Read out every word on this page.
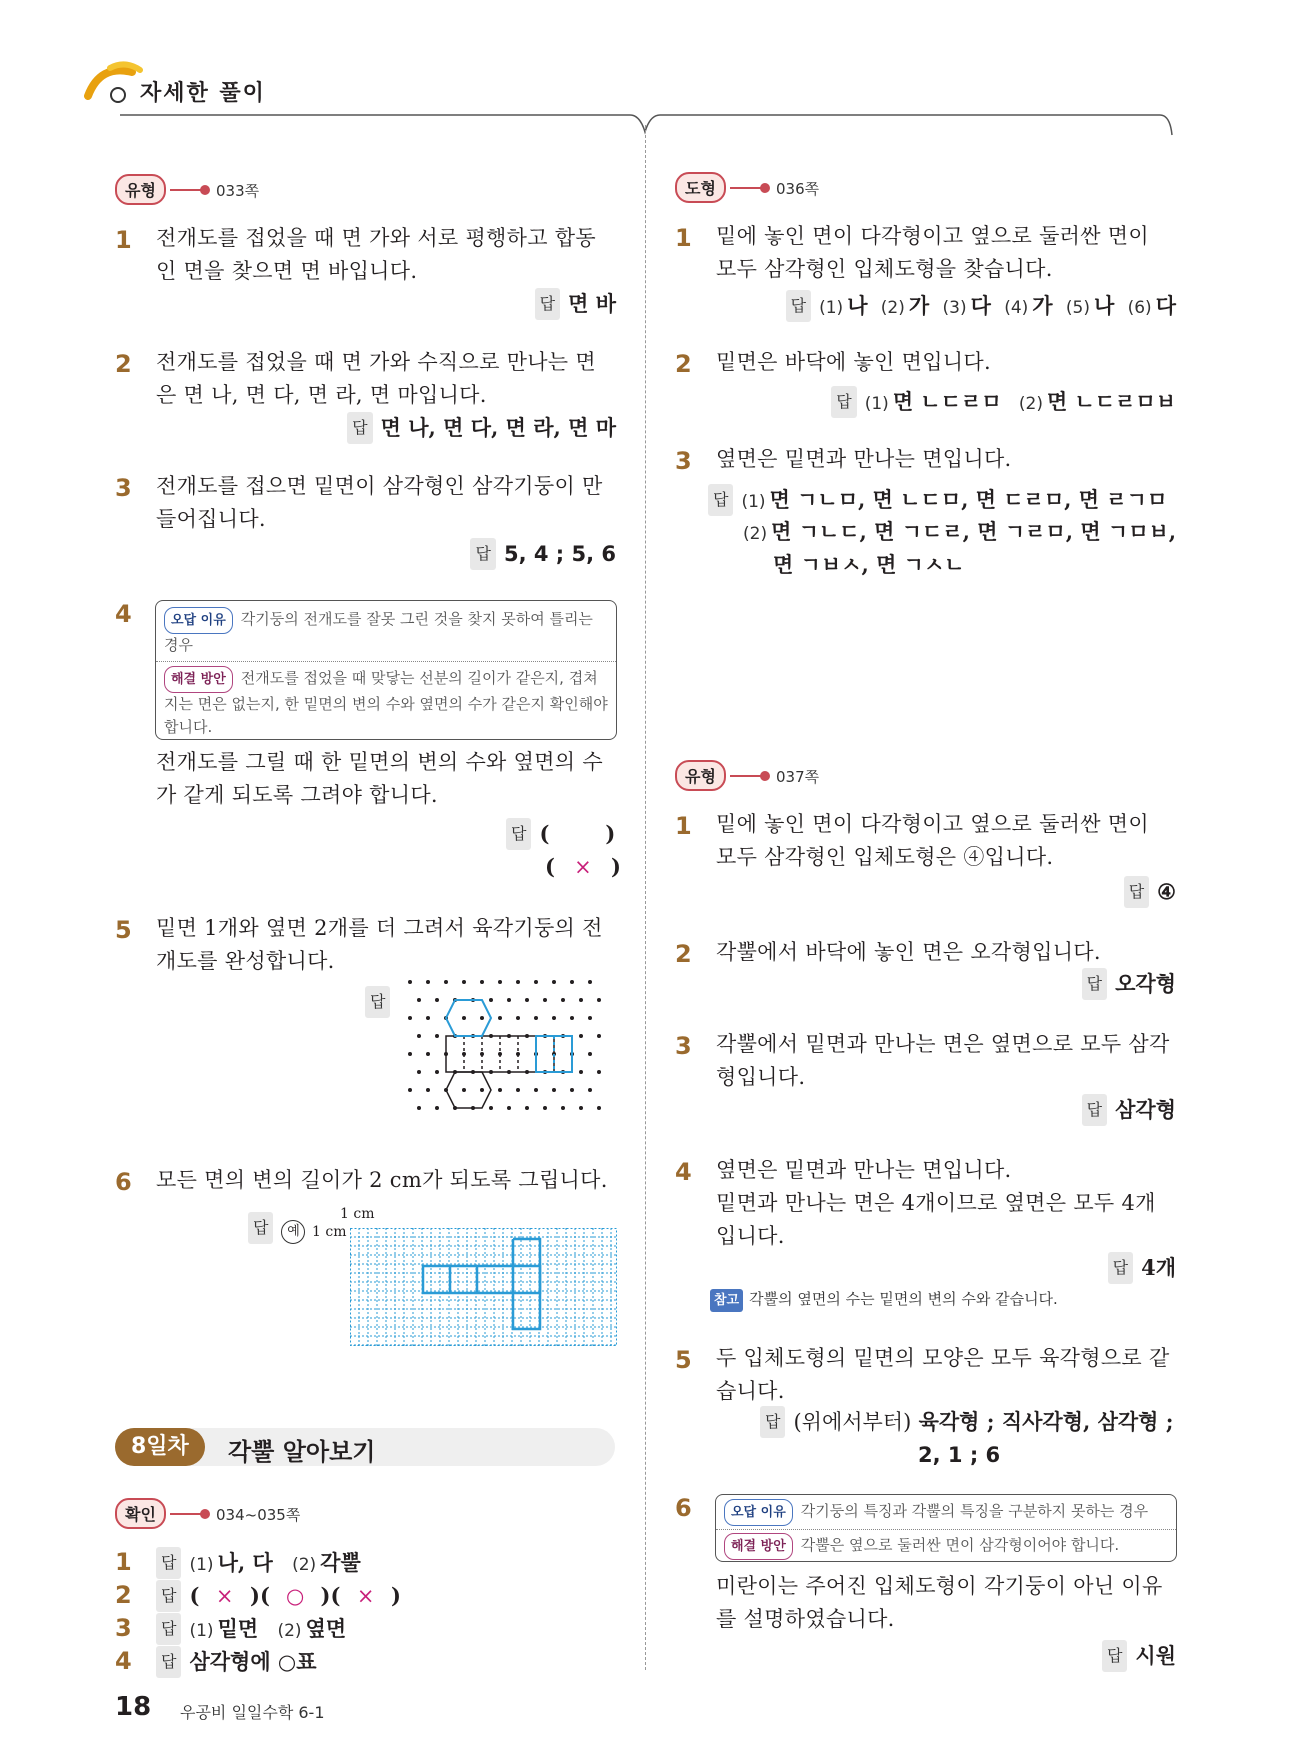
자세한 풀이
유형	033쪽
1 전개도를 접었을 때 면 가와 서로 평행하고 합동인 면을 찾으면 면 바입니다.
답 면 바
2 전개도를 접었을 때 면 가와 수직으로 만나는 면은 면 나, 면 다, 면 라, 면 마입니다.
답 면 나, 면 다, 면 라, 면 마
3 전개도를 접으면 밑면이 삼각형인 삼각기둥이 만들어집니다.
답 5, 4 ; 5, 6
4	오답 이유 각기둥의 전개도를 잘못 그린 것을 찾지 못하여 틀리는 경우
해결 방안 전개도를 접었을 때 맞닿는 선분의 길이가 같은지, 겹쳐지는 면은 없는지, 한 밑면의 변의 수와 옆면의 수가 같은지 확인해야 합니다.
전개도를 그릴 때 한 밑면의 변의 수와 옆면의 수가 같게 되도록 그려야 합니다.
답 (	)
( × )
5 밑면 1개와 옆면 2개를 더 그려서 육각기둥의 전개도를 완성합니다.
답
6 모든 면의 변의 길이가 2 cm가 되도록 그립니다.
답 예
1 cm
1 cm
8일차	각뿔 알아보기
확인	034~035쪽
1	답 (1) 나, 다 (2) 각뿔
2	답 ( × )( ○ )( × )
3	답 (1) 밑면 (2) 옆면
4	답 삼각형에 ○표
도형	036쪽
1 밑에 놓인 면이 다각형이고 옆으로 둘러싼 면이 모두 삼각형인 입체도형을 찾습니다.
답 (1) 나 (2) 가 (3) 다 (4) 가 (5) 나 (6) 다
2 밑면은 바닥에 놓인 면입니다.
답 (1) 면 ㄴㄷㄹㅁ (2) 면 ㄴㄷㄹㅁㅂ
3 옆면은 밑면과 만나는 면입니다.
답 (1) 면 ㄱㄴㅁ, 면 ㄴㄷㅁ, 면 ㄷㄹㅁ, 면 ㄹㄱㅁ
(2) 면 ㄱㄴㄷ, 면 ㄱㄷㄹ, 면 ㄱㄹㅁ, 면 ㄱㅁㅂ,
면 ㄱㅂㅅ, 면 ㄱㅅㄴ
유형	037쪽
1 밑에 놓인 면이 다각형이고 옆으로 둘러싼 면이 모두 삼각형인 입체도형은 ④입니다.
답 ④
2 각뿔에서 바닥에 놓인 면은 오각형입니다.
답 오각형
3 각뿔에서 밑면과 만나는 면은 옆면으로 모두 삼각형입니다.
답 삼각형
4 옆면은 밑면과 만나는 면입니다.
밑면과 만나는 면은 4개이므로 옆면은 모두 4개입니다.
답 4개
참고 각뿔의 옆면의 수는 밑면의 변의 수와 같습니다.
5 두 입체도형의 밑면의 모양은 모두 육각형으로 같습니다.
답 (위에서부터) 육각형 ; 직사각형, 삼각형 ;
2, 1 ; 6
6	오답 이유 각기둥의 특징과 각뿔의 특징을 구분하지 못하는 경우
해결 방안 각뿔은 옆으로 둘러싼 면이 삼각형이어야 합니다.
미란이는 주어진 입체도형이 각기둥이 아닌 이유를 설명하였습니다.
답 시원
18 우공비 일일수학 6-1
